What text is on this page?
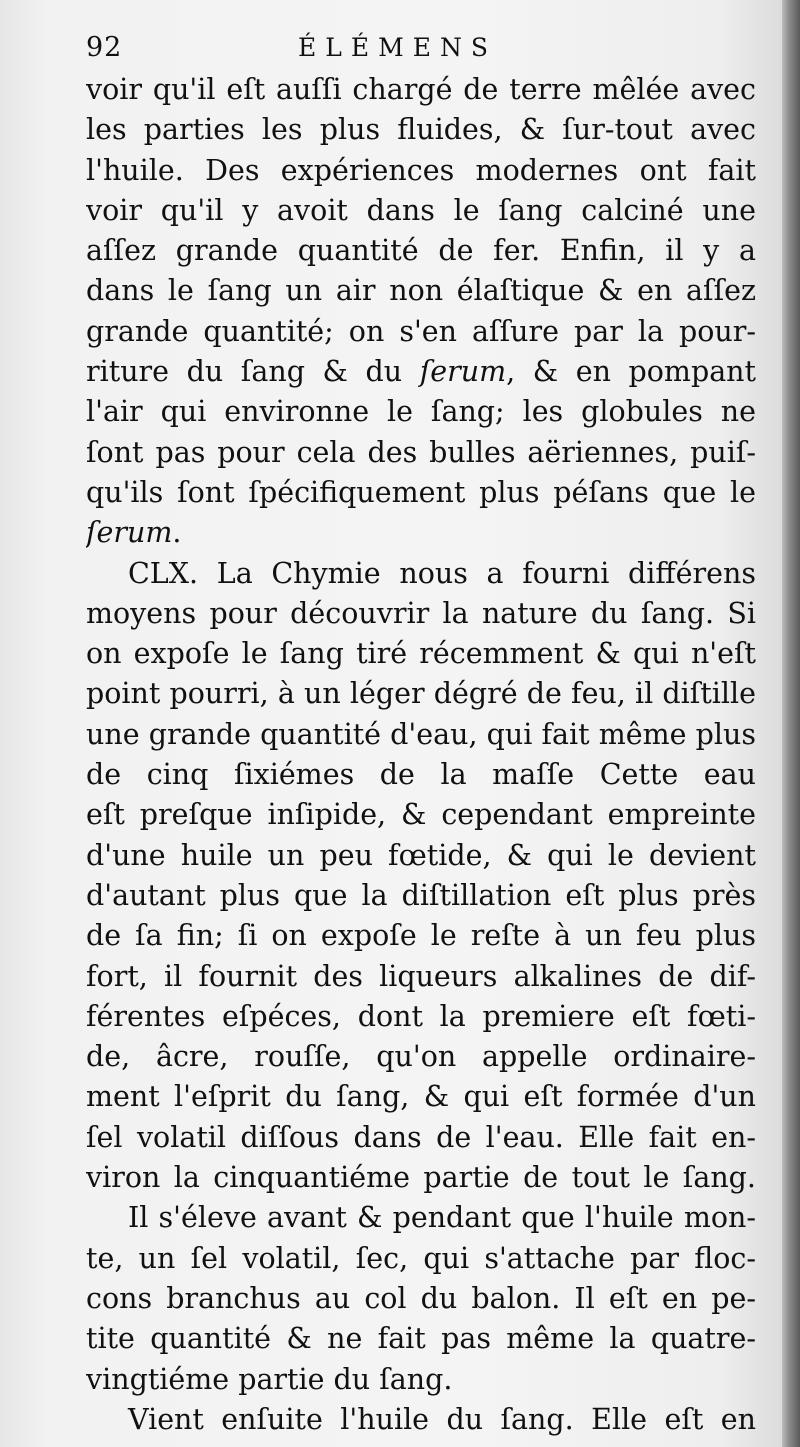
92	ÉLÉMENS
voir qu'il eſt auſſi chargé de terre mêlée avec
les parties les plus fluides, & ſur-tout avec
l'huile. Des expériences modernes ont fait
voir qu'il y avoit dans le ſang calciné une
aſſez grande quantité de fer. Enfin, il y a
dans le ſang un air non élaſtique & en aſſez
grande quantité; on s'en aſſure par la pour-
riture du ſang & du ſerum, & en pompant
l'air qui environne le ſang; les globules ne
ſont pas pour cela des bulles aëriennes, puiſ-
qu'ils ſont ſpécifiquement plus péſans que le
ſerum.
CLX. La Chymie nous a fourni différens
moyens pour découvrir la nature du ſang. Si
on expoſe le ſang tiré récemment & qui n'eſt
point pourri, à un léger dégré de feu, il diſtille
une grande quantité d'eau, qui fait même plus
de cinq ſixiémes de la maſſe Cette eau
eſt preſque inſipide, & cependant empreinte
d'une huile un peu fœtide, & qui le devient
d'autant plus que la diſtillation eſt plus près
de ſa fin; ſi on expoſe le reſte à un feu plus
fort, il fournit des liqueurs alkalines de dif-
férentes eſpéces, dont la premiere eſt fœti-
de, âcre, rouſſe, qu'on appelle ordinaire-
ment l'eſprit du ſang, & qui eſt formée d'un
ſel volatil diſſous dans de l'eau. Elle fait en-
viron la cinquantiéme partie de tout le ſang.
Il s'éleve avant & pendant que l'huile mon-
te, un ſel volatil, ſec, qui s'attache par floc-
cons branchus au col du balon. Il eſt en pe-
tite quantité & ne fait pas même la quatre-
vingtiéme partie du ſang.
Vient enſuite l'huile du ſang. Elle eſt en
